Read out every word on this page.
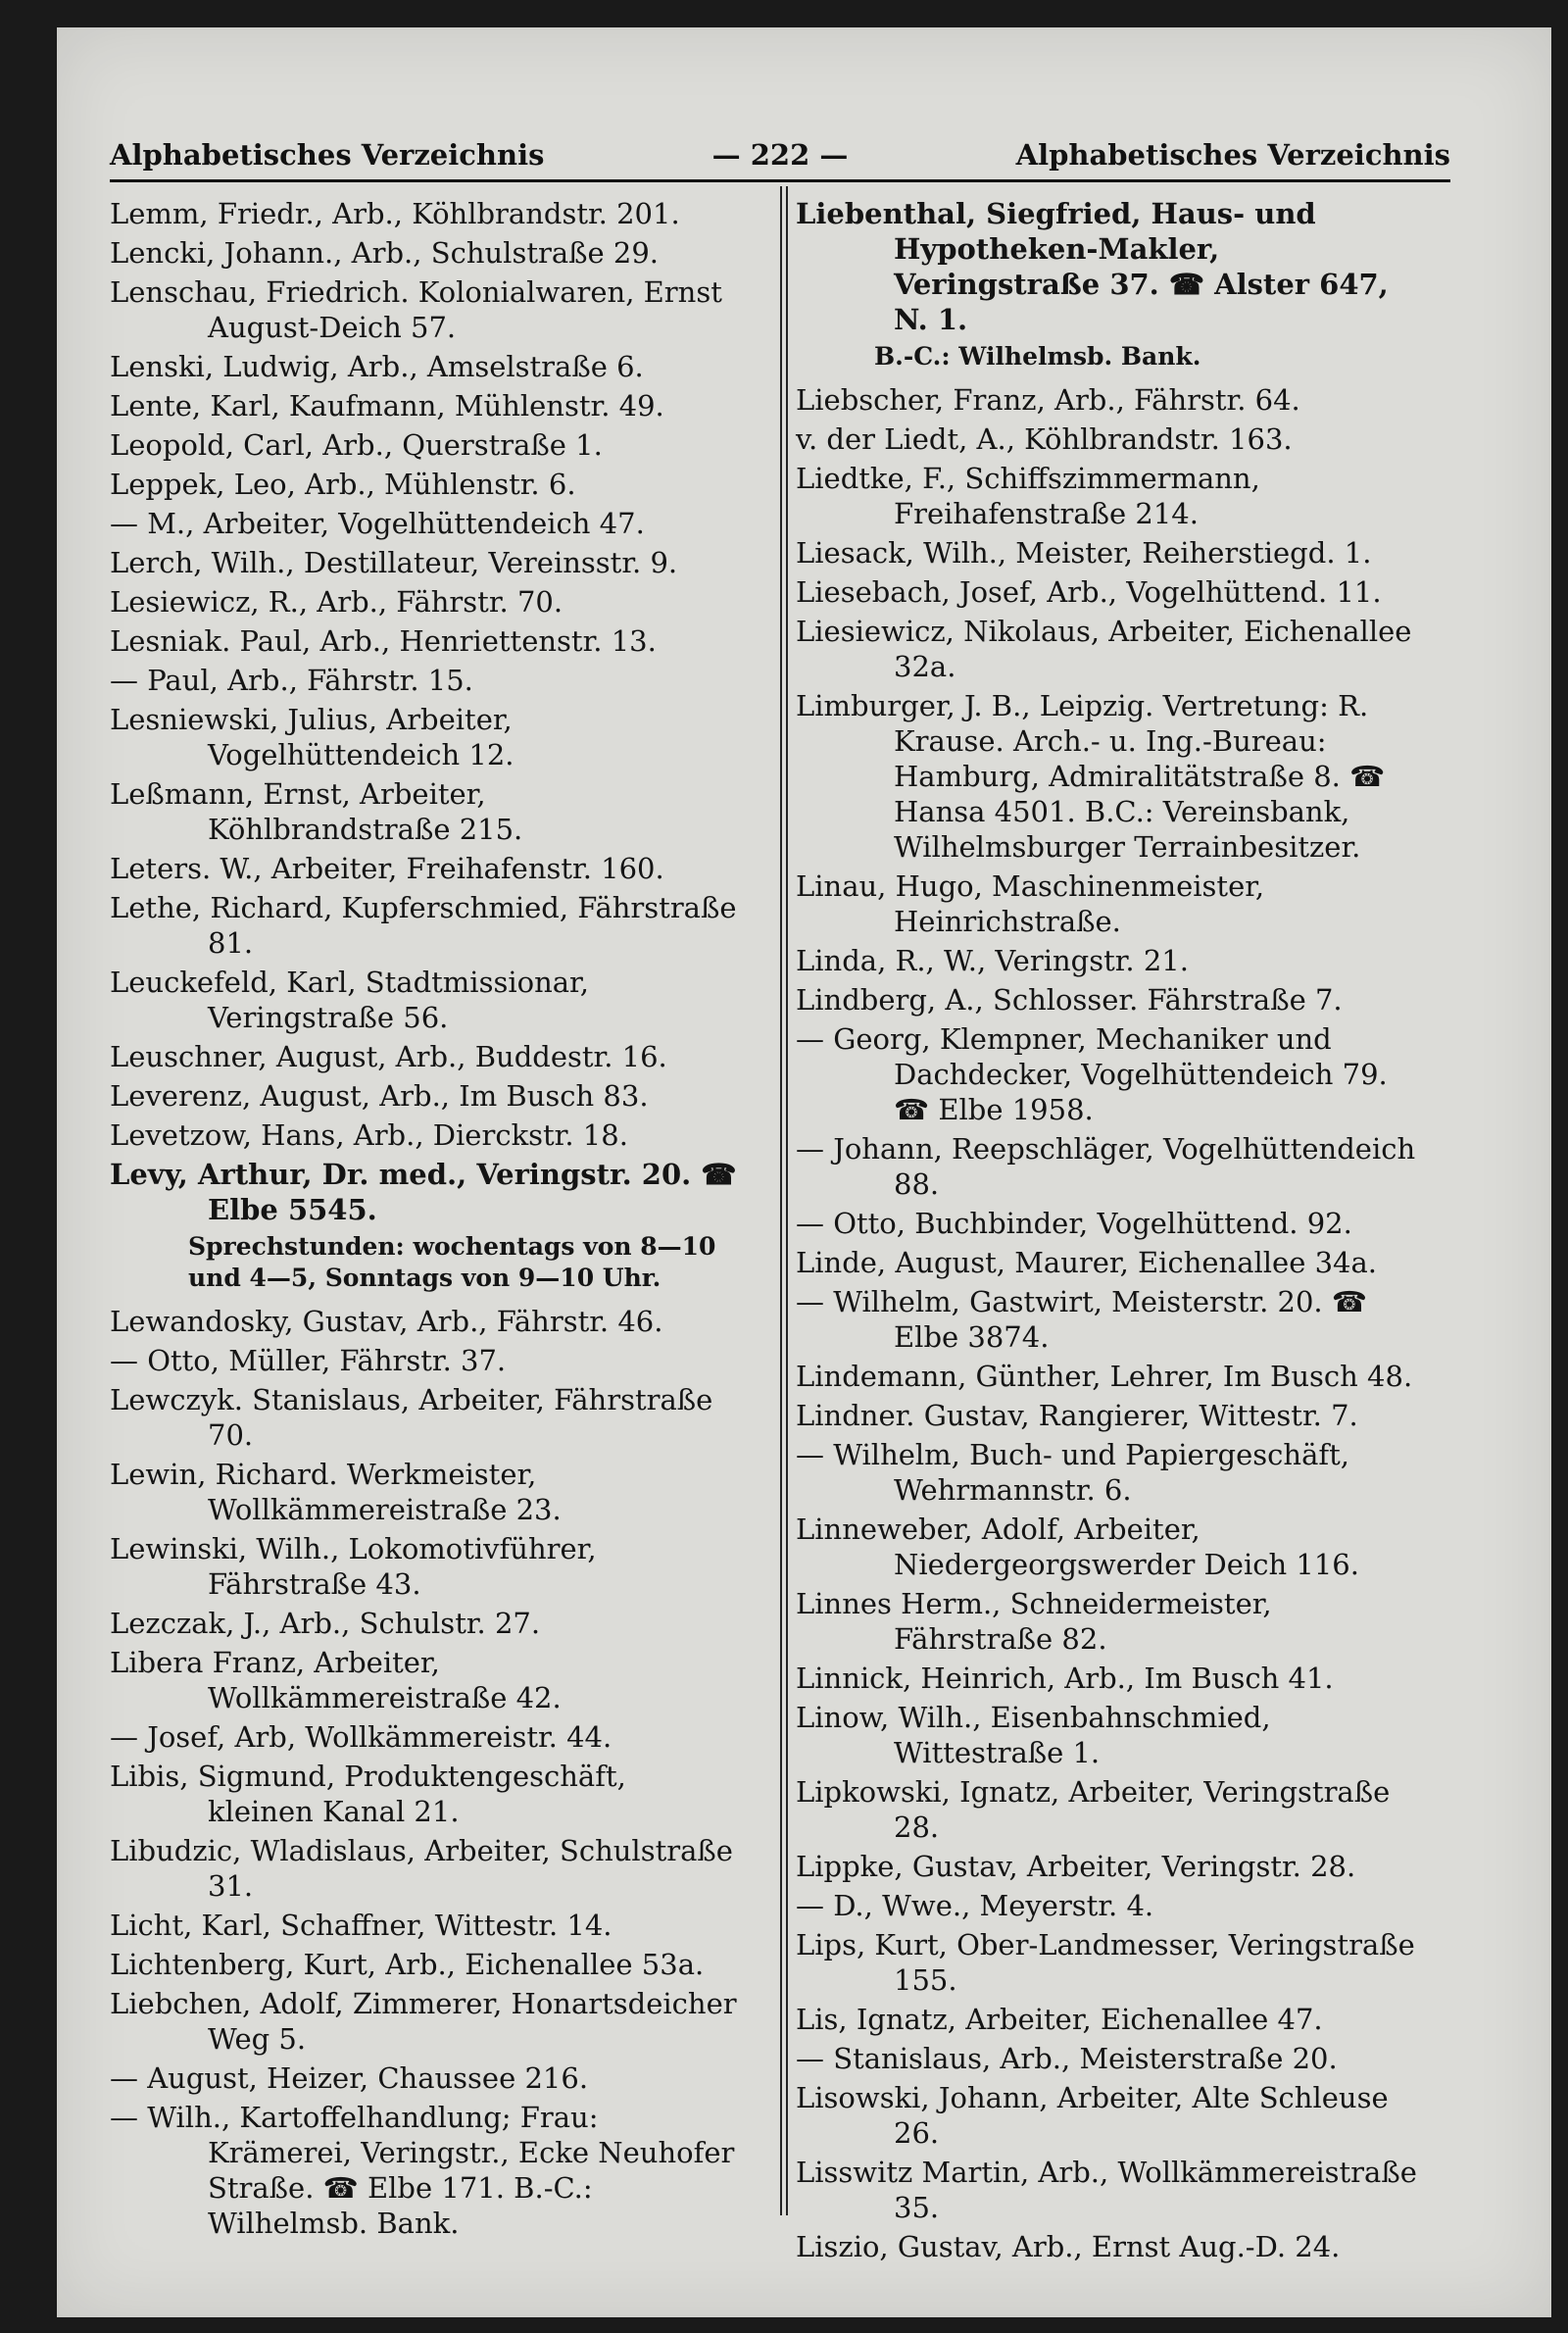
Alphabetisches Verzeichnis	— 222 —	Alphabetisches Verzeichnis
Lemm, Friedr., Arb., Köhlbrandstr. 201.
Lencki, Johann., Arb., Schulstraße 29.
Lenschau, Friedrich. Kolonialwaren, Ernst August-Deich 57.
Lenski, Ludwig, Arb., Amselstraße 6.
Lente, Karl, Kaufmann, Mühlenstr. 49.
Leopold, Carl, Arb., Querstraße 1.
Leppek, Leo, Arb., Mühlenstr. 6.
— M., Arbeiter, Vogelhüttendeich 47.
Lerch, Wilh., Destillateur, Vereinsstr. 9.
Lesiewicz, R., Arb., Fährstr. 70.
Lesniak. Paul, Arb., Henriettenstr. 13.
— Paul, Arb., Fährstr. 15.
Lesniewski, Julius, Arbeiter, Vogelhüttendeich 12.
Leßmann, Ernst, Arbeiter, Köhlbrandstraße 215.
Leters. W., Arbeiter, Freihafenstr. 160.
Lethe, Richard, Kupferschmied, Fährstraße 81.
Leuckefeld, Karl, Stadtmissionar, Veringstraße 56.
Leuschner, August, Arb., Buddestr. 16.
Leverenz, August, Arb., Im Busch 83.
Levetzow, Hans, Arb., Dierckstr. 18.
Levy, Arthur, Dr. med., Veringstr. 20. ☎ Elbe 5545.
Sprechstunden: wochentags von 8—10 und 4—5, Sonntags von 9—10 Uhr.
Lewandosky, Gustav, Arb., Fährstr. 46.
— Otto, Müller, Fährstr. 37.
Lewczyk. Stanislaus, Arbeiter, Fährstraße 70.
Lewin, Richard. Werkmeister, Wollkämmereistraße 23.
Lewinski, Wilh., Lokomotivführer, Fährstraße 43.
Lezczak, J., Arb., Schulstr. 27.
Libera Franz, Arbeiter, Wollkämmereistraße 42.
— Josef, Arb, Wollkämmereistr. 44.
Libis, Sigmund, Produktengeschäft, kleinen Kanal 21.
Libudzic, Wladislaus, Arbeiter, Schulstraße 31.
Licht, Karl, Schaffner, Wittestr. 14.
Lichtenberg, Kurt, Arb., Eichenallee 53a.
Liebchen, Adolf, Zimmerer, Honartsdeicher Weg 5.
— August, Heizer, Chaussee 216.
— Wilh., Kartoffelhandlung; Frau: Krämerei, Veringstr., Ecke Neuhofer Straße. ☎ Elbe 171. B.-C.: Wilhelmsb. Bank.
Liebenthal, Siegfried, Haus- und Hypotheken-Makler, Veringstraße 37. ☎ Alster 647, N. 1.
B.-C.: Wilhelmsb. Bank.
Liebscher, Franz, Arb., Fährstr. 64.
v. der Liedt, A., Köhlbrandstr. 163.
Liedtke, F., Schiffszimmermann, Freihafenstraße 214.
Liesack, Wilh., Meister, Reiherstiegd. 1.
Liesebach, Josef, Arb., Vogelhüttend. 11.
Liesiewicz, Nikolaus, Arbeiter, Eichenallee 32a.
Limburger, J. B., Leipzig. Vertretung: R. Krause. Arch.- u. Ing.-Bureau: Hamburg, Admiralitätstraße 8. ☎ Hansa 4501. B.C.: Vereinsbank, Wilhelmsburger Terrainbesitzer.
Linau, Hugo, Maschinenmeister, Heinrichstraße.
Linda, R., W., Veringstr. 21.
Lindberg, A., Schlosser. Fährstraße 7.
— Georg, Klempner, Mechaniker und Dachdecker, Vogelhüttendeich 79. ☎ Elbe 1958.
— Johann, Reepschläger, Vogelhüttendeich 88.
— Otto, Buchbinder, Vogelhüttend. 92.
Linde, August, Maurer, Eichenallee 34a.
— Wilhelm, Gastwirt, Meisterstr. 20. ☎ Elbe 3874.
Lindemann, Günther, Lehrer, Im Busch 48.
Lindner. Gustav, Rangierer, Wittestr. 7.
— Wilhelm, Buch- und Papiergeschäft, Wehrmannstr. 6.
Linneweber, Adolf, Arbeiter, Niedergeorgswerder Deich 116.
Linnes Herm., Schneidermeister, Fährstraße 82.
Linnick, Heinrich, Arb., Im Busch 41.
Linow, Wilh., Eisenbahnschmied, Wittestraße 1.
Lipkowski, Ignatz, Arbeiter, Veringstraße 28.
Lippke, Gustav, Arbeiter, Veringstr. 28.
— D., Wwe., Meyerstr. 4.
Lips, Kurt, Ober-Landmesser, Veringstraße 155.
Lis, Ignatz, Arbeiter, Eichenallee 47.
— Stanislaus, Arb., Meisterstraße 20.
Lisowski, Johann, Arbeiter, Alte Schleuse 26.
Lisswitz Martin, Arb., Wollkämmereistraße 35.
Liszio, Gustav, Arb., Ernst Aug.-D. 24.
